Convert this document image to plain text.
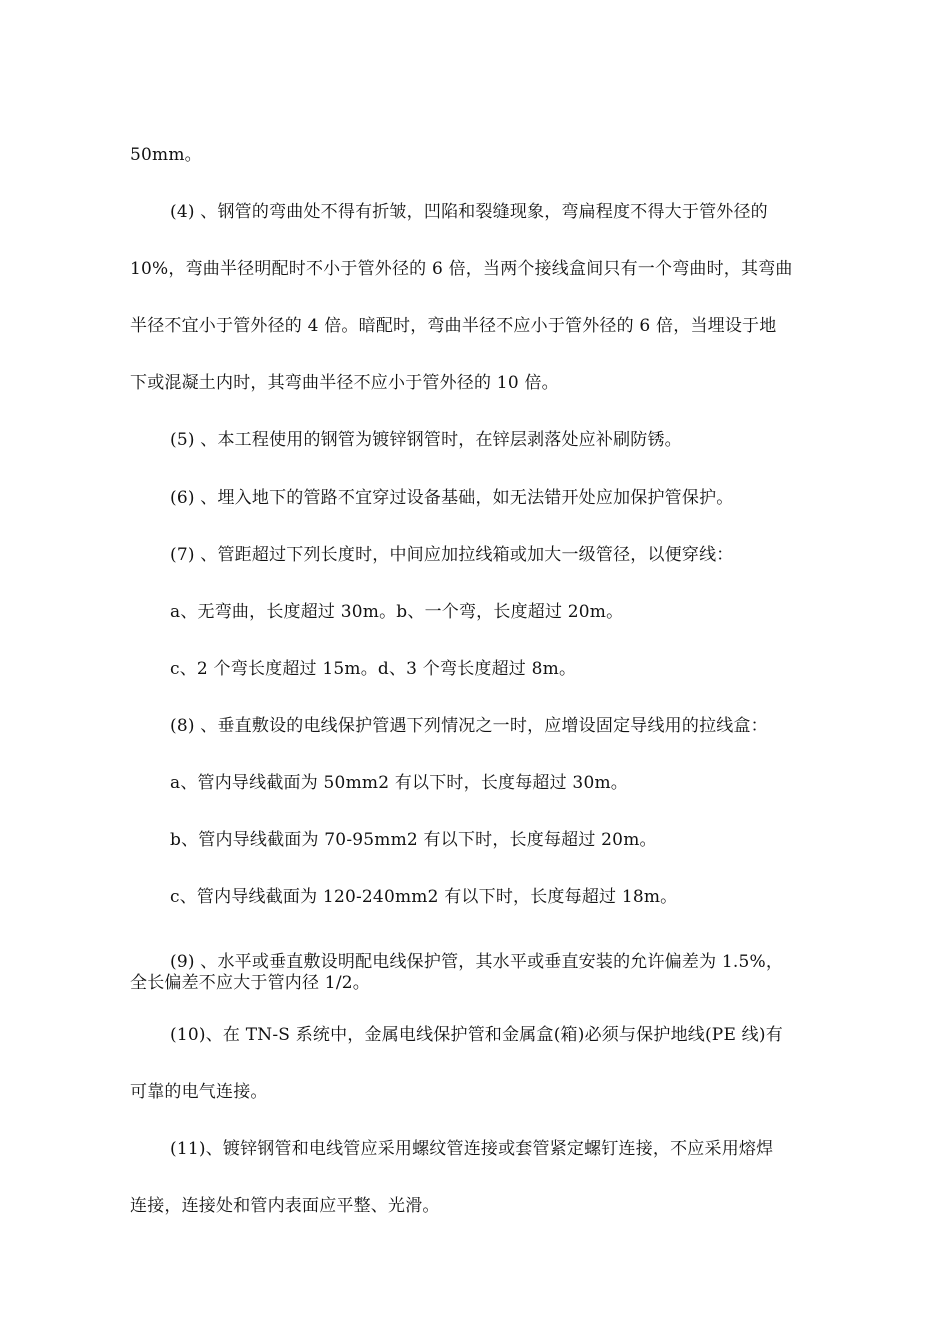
50mm。
(4) 、钢管的弯曲处不得有折皱，凹陷和裂缝现象，弯扁程度不得大于管外径的
10%，弯曲半径明配时不小于管外径的 6 倍，当两个接线盒间只有一个弯曲时，其弯曲
半径不宜小于管外径的 4 倍。暗配时，弯曲半径不应小于管外径的 6 倍，当埋设于地
下或混凝土内时，其弯曲半径不应小于管外径的 10 倍。
(5) 、本工程使用的钢管为镀锌钢管时，在锌层剥落处应补刷防锈。
(6) 、埋入地下的管路不宜穿过设备基础，如无法错开处应加保护管保护。
(7) 、管距超过下列长度时，中间应加拉线箱或加大一级管径，以便穿线：
a、无弯曲，长度超过 30m。b、一个弯，长度超过 20m。
c、2 个弯长度超过 15m。d、3 个弯长度超过 8m。
(8) 、垂直敷设的电线保护管遇下列情况之一时，应增设固定导线用的拉线盒：
a、管内导线截面为 50mm2 有以下时，长度每超过 30m。
b、管内导线截面为 70-95mm2 有以下时，长度每超过 20m。
c、管内导线截面为 120-240mm2 有以下时，长度每超过 18m。
(9) 、水平或垂直敷设明配电线保护管，其水平或垂直安装的允许偏差为 1.5%，
全长偏差不应大于管内径 1/2。
(10)、在 TN-S 系统中，金属电线保护管和金属盒(箱)必须与保护地线(PE 线)有
可靠的电气连接。
(11)、镀锌钢管和电线管应采用螺纹管连接或套管紧定螺钉连接，不应采用熔焊
连接，连接处和管内表面应平整、光滑。
